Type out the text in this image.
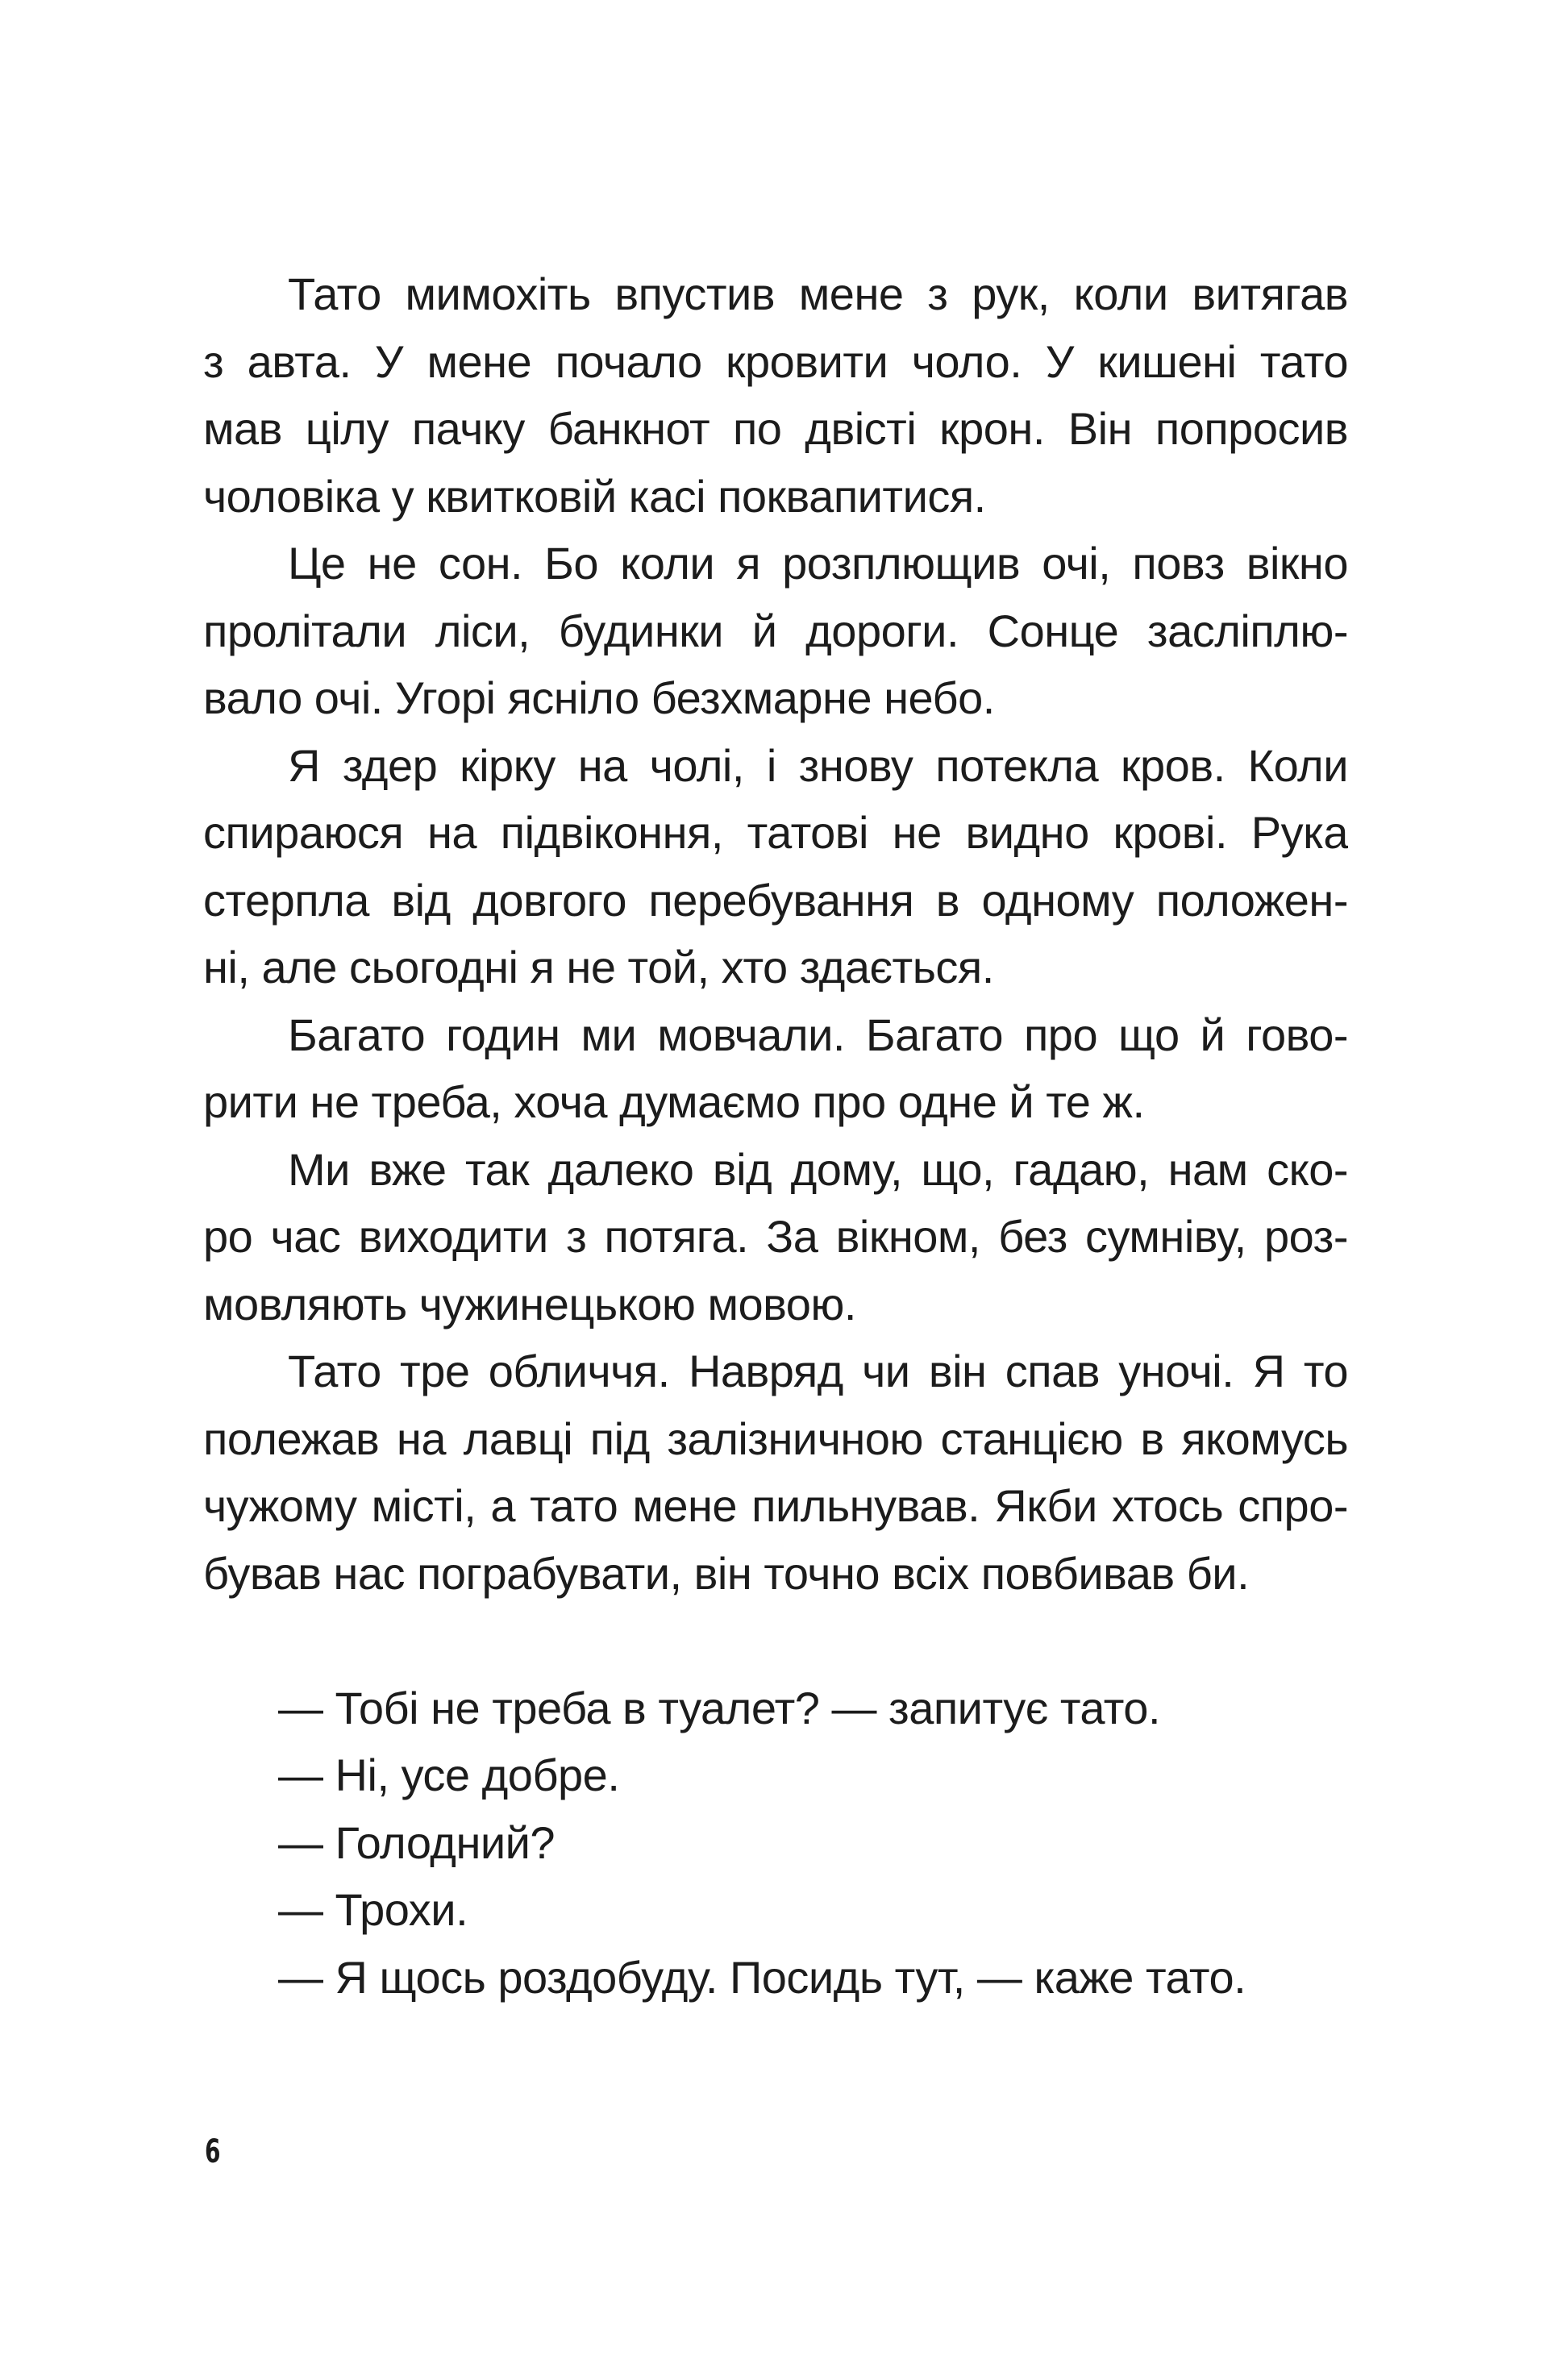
Тато мимохіть впустив мене з рук, коли витягав
з авта. У мене почало кровити чоло. У кишені тато
мав цілу пачку банкнот по двісті крон. Він попросив
чоловіка у квитковій касі поквапитися.
Це не сон. Бо коли я розплющив очі, повз вікно
пролітали ліси, будинки й дороги. Сонце засліплю-
вало очі. Угорі ясніло безхмарне небо.
Я здер кірку на чолі, і знову потекла кров. Коли
спираюся на підвіконня, татові не видно крові. Рука
стерпла від довгого перебування в одному положен-
ні, але сьогодні я не той, хто здається.
Багато годин ми мовчали. Багато про що й гово-
рити не треба, хоча думаємо про одне й те ж.
Ми вже так далеко від дому, що, гадаю, нам ско-
ро час виходити з потяга. За вікном, без сумніву, роз-
мовляють чужинецькою мовою.
Тато тре обличчя. Навряд чи він спав уночі. Я то
полежав на лавці під залізничною станцією в якомусь
чужому місті, а тато мене пильнував. Якби хтось спро-
бував нас пограбувати, він точно всіх повбивав би.
— Тобі не треба в туалет? — запитує тато.
— Ні, усе добре.
— Голодний?
— Трохи.
— Я щось роздобуду. Посидь тут, — каже тато.
6
